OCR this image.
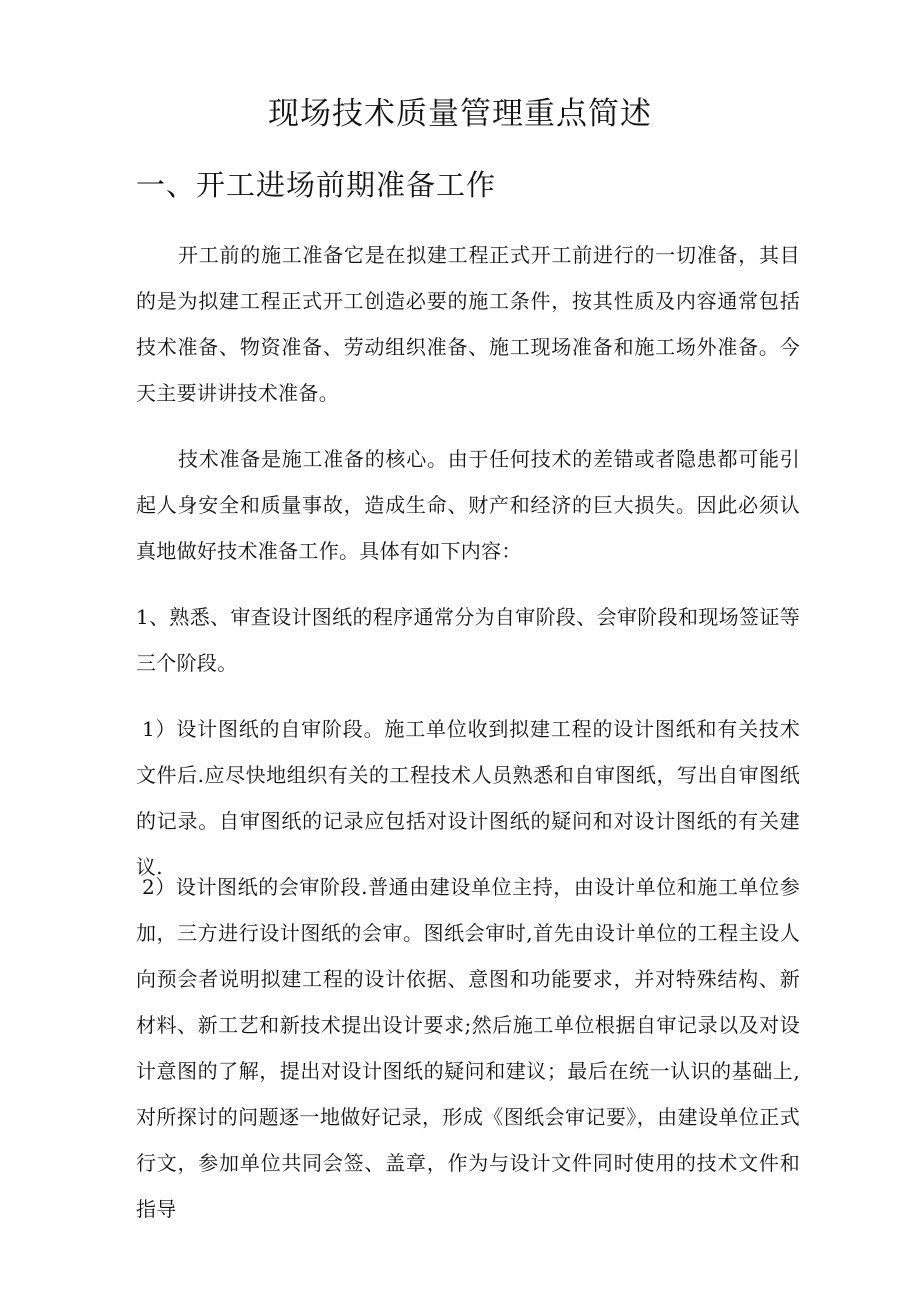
现场技术质量管理重点简述
一、开工进场前期准备工作

开工前的施工准备它是在拟建工程正式开工前进行的一切准备，其目的是为拟建工程正式开工创造必要的施工条件，按其性质及内容通常包括技术准备、物资准备、劳动组织准备、施工现场准备和施工场外准备。今天主要讲讲技术准备。

技术准备是施工准备的核心。由于任何技术的差错或者隐患都可能引起人身安全和质量事故，造成生命、财产和经济的巨大损失。因此必须认真地做好技术准备工作。具体有如下内容：

1、熟悉、审查设计图纸的程序通常分为自审阶段、会审阶段和现场签证等三个阶段。

1）设计图纸的自审阶段。施工单位收到拟建工程的设计图纸和有关技术文件后.应尽快地组织有关的工程技术人员熟悉和自审图纸，写出自审图纸的记录。自审图纸的记录应包括对设计图纸的疑问和对设计图纸的有关建议.

2）设计图纸的会审阶段.普通由建设单位主持，由设计单位和施工单位参加，三方进行设计图纸的会审。图纸会审时,首先由设计单位的工程主设人向预会者说明拟建工程的设计依据、意图和功能要求，并对特殊结构、新材料、新工艺和新技术提出设计要求;然后施工单位根据自审记录以及对设计意图的了解，提出对设计图纸的疑问和建议；最后在统一认识的基础上,对所探讨的问题逐一地做好记录，形成《图纸会审记要》，由建设单位正式行文，参加单位共同会签、盖章，作为与设计文件同时使用的技术文件和指导
